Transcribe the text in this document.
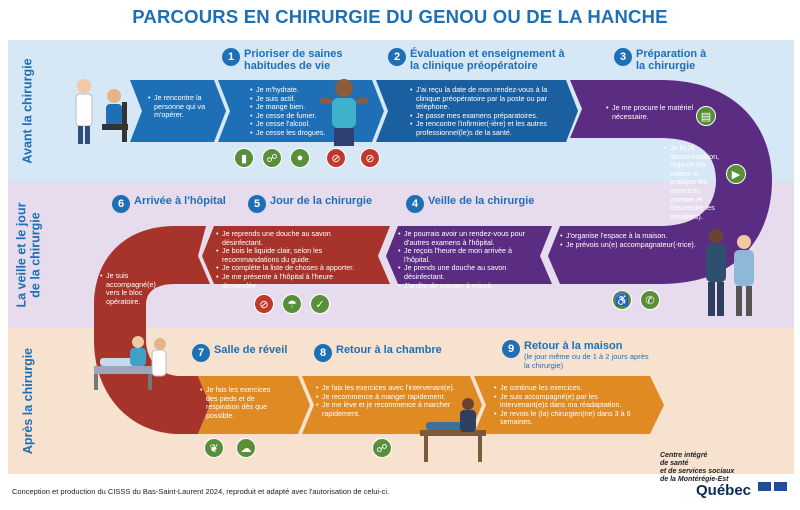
PARCOURS EN CHIRURGIE DU GENOU OU DE LA HANCHE
Avant la chirurgie
La veille et le jour
de la chirurgie
Après la chirurgie
1 Prioriser de saines habitudes de vie
2 Évaluation et enseignement à la clinique préopératoire
3 Préparation à la chirurgie
4 Veille de la chirurgie
5 Jour de la chirurgie
6 Arrivée à l'hôpital
7 Salle de réveil	8 Retour à la chambre	9 Retour à la maison
(le jour même ou de 1 à 2 jours après la chirurgie)
• Je rencontre la personne qui va m'opérer.
• Je m'hydrate.
• Je suis actif.
• Je mange bien.
• Je cesse de fumer.
• Je cesse l'alcool.
• Je cesse les drogues.
• J'ai reçu la date de mon rendez-vous à la clinique préopératoire par la poste ou par téléphone.
• Je passe mes examens préparatoires.
• Je rencontre l'infirmier(-ière) et les autres professionnel(le)s de la santé.
• Je me procure le matériel nécessaire.
• Je lis la documentation, regarde les vidéos et pratique les exercices (monter et descendre les escaliers).
• J'organise l'espace à la maison.
• Je prévois un(e) accompagnateur(-trice).
• Je pourrais avoir un rendez-vous pour d'autres examens à l'hôpital.
• Je reçois l'heure de mon arrivée à l'hôpital.
• Je prends une douche au savon désinfectant.
• J'arrête de manger à minuit.
• Je reprends une douche au savon désinfectant.
• Je bois le liquide clair, selon les recommandations du guide.
• Je complète la liste de choses à apporter.
• Je me présente à l'hôpital à l'heure demandée.
• Je suis accompagné(e) vers le bloc opératoire.
• Je fais les exercices des pieds et de respiration dès que possible.
• Je fais les exercices avec l'intervenant(e).
• Je recommence à manger rapidement.
• Je me lève et je recommence à marcher rapidement.
• Je continue les exercices.
• Je suis accompagné(e) par les intervenant(e)s dans ma réadaptation.
• Je revois le (la) chirurgien(ne) dans 3 à 6 semaines.
▮	☍	●	⊘	⊘
▤
▶
♿	✆
⊘	☂	✓
❦	☁	☍
Conception et production du CISSS du Bas-Saint-Laurent 2024, reproduit et adapté avec l'autorisation de celui-ci.
Centre intégré
de santé
et de services sociaux
de la Montérégie-Est
Québec
